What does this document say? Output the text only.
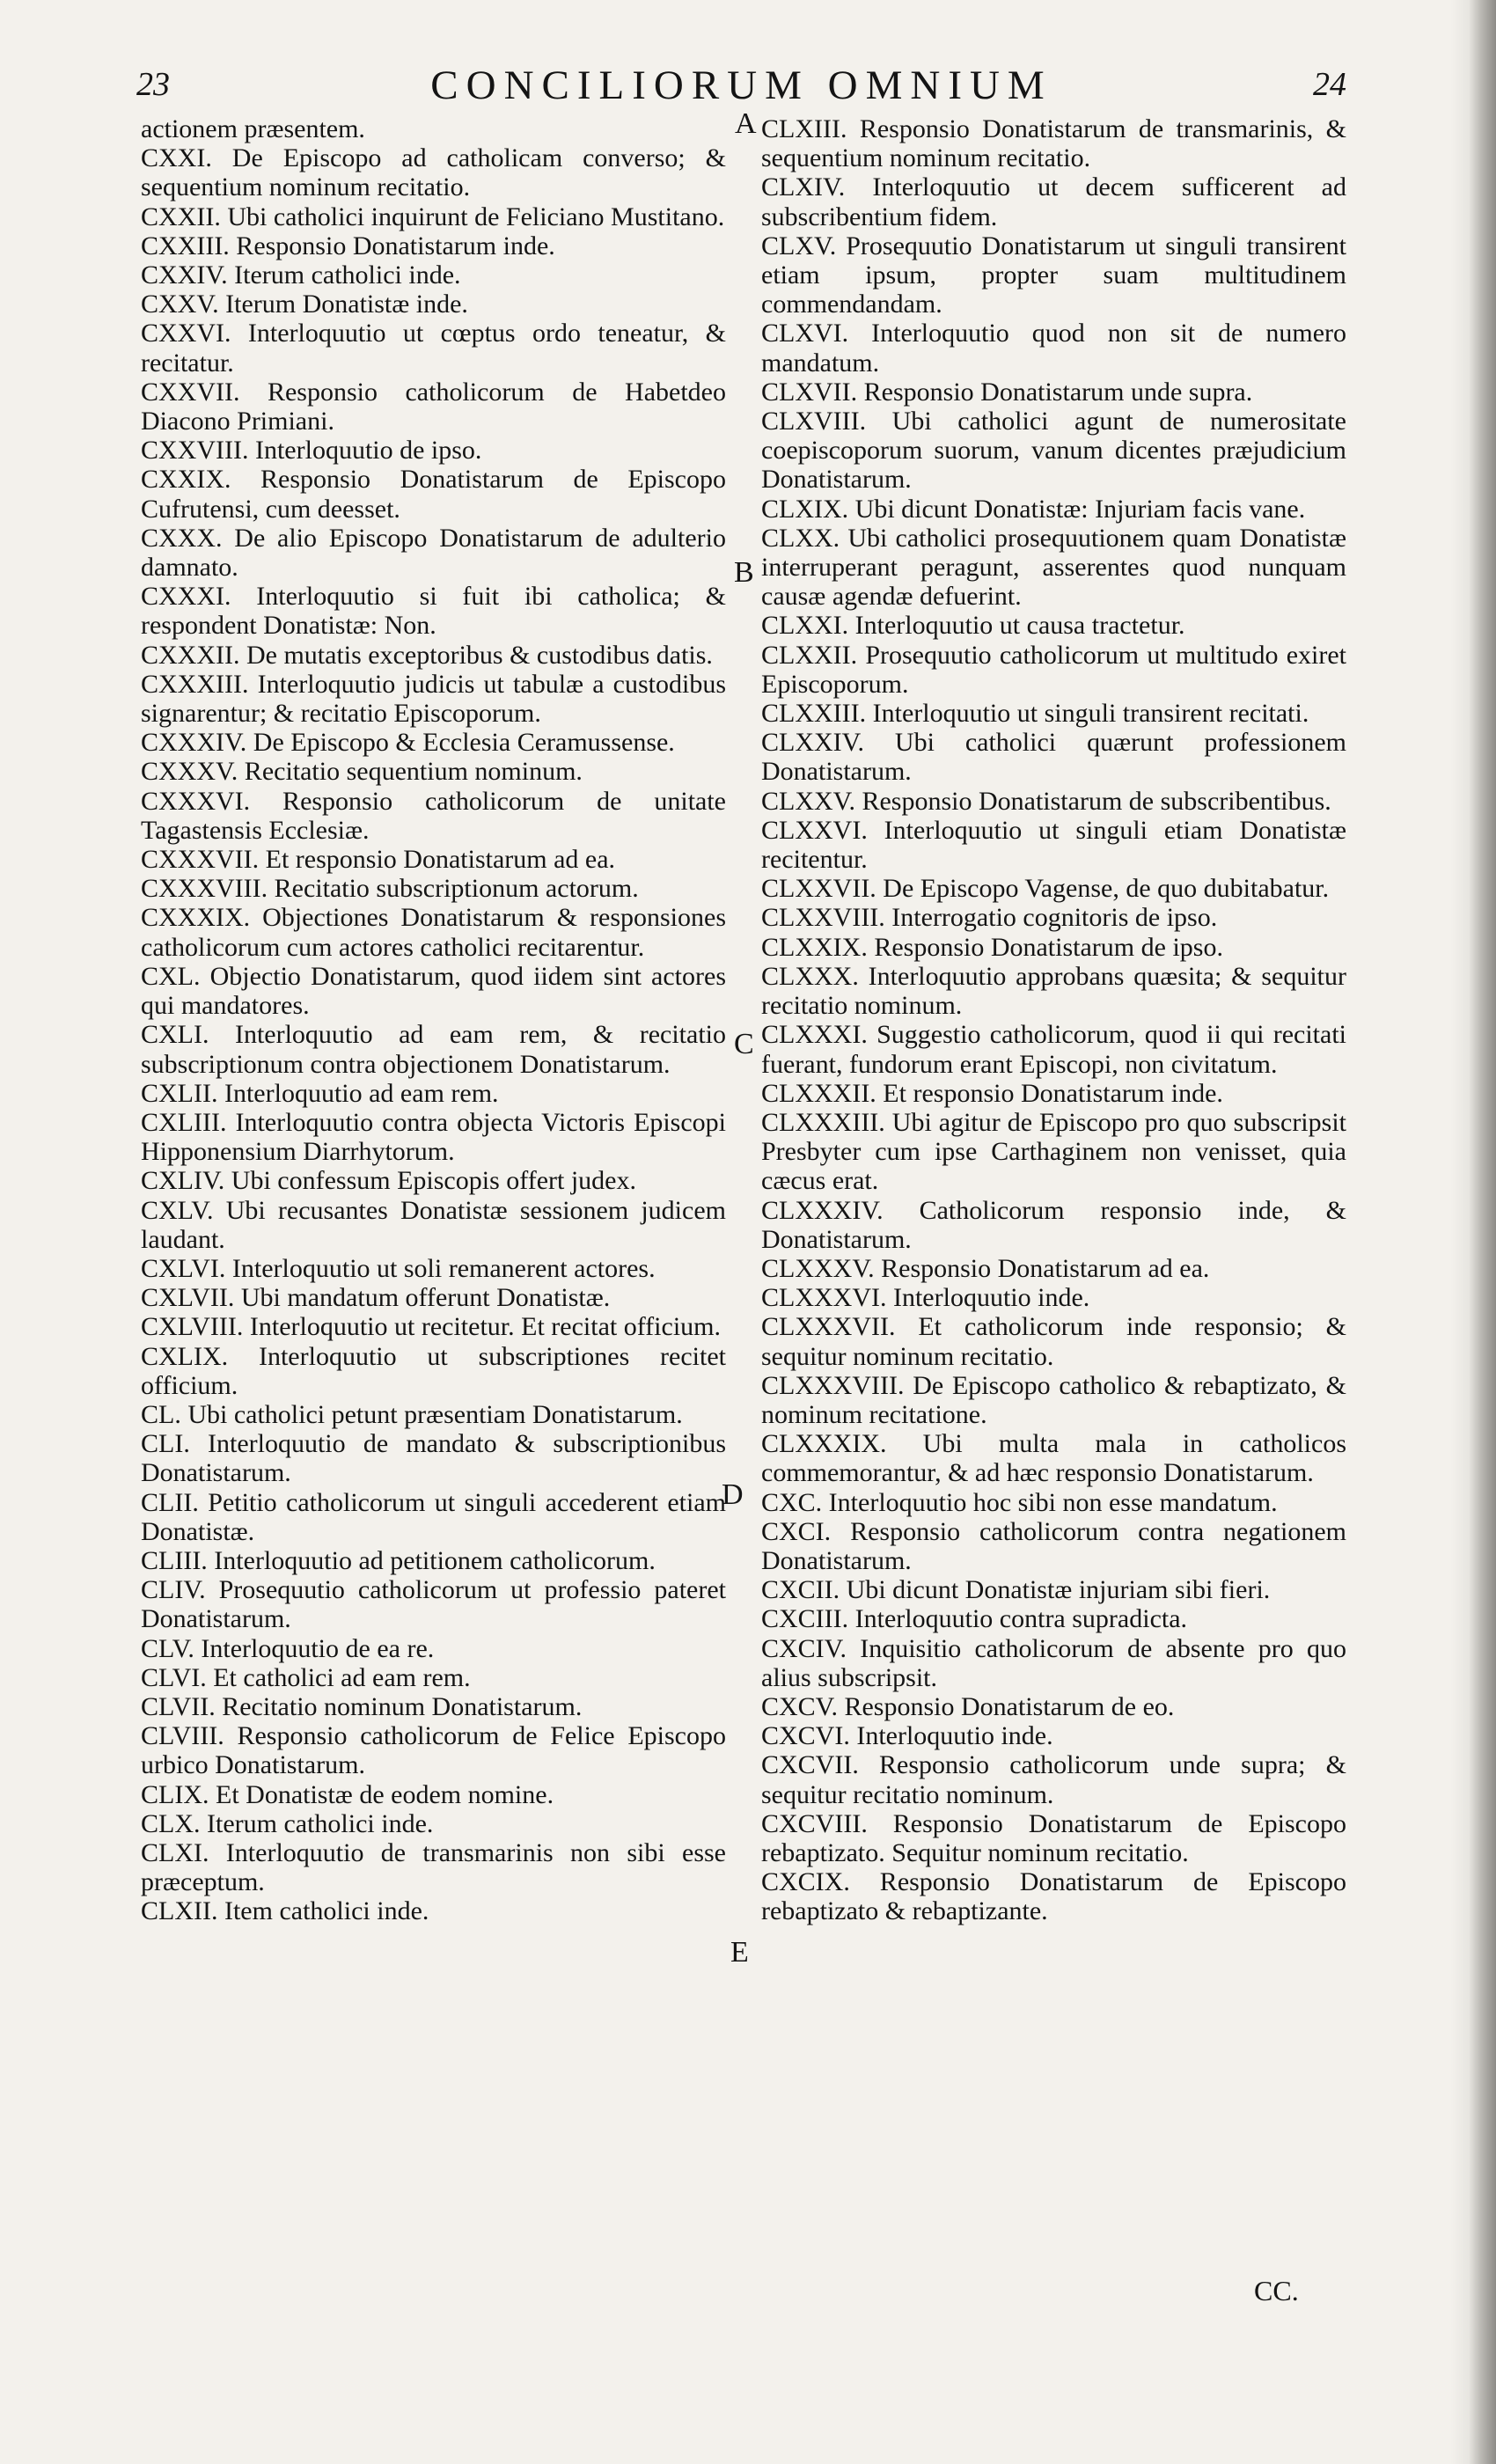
23	CONCILIORUM OMNIUM	24
actionem præsentem.
CXXI. De Episcopo ad catholicam conversо; & sequentium nominum recitatio.
CXXII. Ubi catholici inquirunt de Feliciano Mustitano.
CXXIII. Responsio Donatistarum inde.
CXXIV. Iterum catholici inde.
CXXV. Iterum Donatistæ inde.
CXXVI. Interloquutio ut cœptus ordo teneatur, & recitatur.
CXXVII. Responsio catholicorum de Habetdeo Diacono Primiani.
CXXVIII. Interloquutio de ipso.
CXXIX. Responsio Donatistarum de Episcopo Cufrutensi, cum deesset.
CXXX. De alio Episcopo Donatistarum de adulterio damnato.
CXXXI. Interloquutio si fuit ibi catholica; & respondent Donatistæ: Non.
CXXXII. De mutatis exceptoribus & custodibus datis.
CXXXIII. Interloquutio judicis ut tabulæ a custodibus signarentur; & recitatio Episcoporum.
CXXXIV. De Episcopo & Ecclesia Ceramussense.
CXXXV. Recitatio sequentium nominum.
CXXXVI. Responsio catholicorum de unitate Tagastensis Ecclesiæ.
CXXXVII. Et responsio Donatistarum ad ea.
CXXXVIII. Recitatio subscriptionum actorum.
CXXXIX. Objectiones Donatistarum & responsiones catholicorum cum actores catholici recitarentur.
CXL. Objectio Donatistarum, quod iidem sint actores qui mandatores.
CXLI. Interloquutio ad eam rem, & recitatio subscriptionum contra objectionem Donatistarum.
CXLII. Interloquutio ad eam rem.
CXLIII. Interloquutio contra objecta Victoris Episcopi Hipponensium Diarrhytorum.
CXLIV. Ubi confessum Episcopis offert judex.
CXLV. Ubi recusantes Donatistæ sessionem judicem laudant.
CXLVI. Interloquutio ut soli remanerent actores.
CXLVII. Ubi mandatum offerunt Donatistæ.
CXLVIII. Interloquutio ut recitetur. Et recitat officium.
CXLIX. Interloquutio ut subscriptiones recitet officium.
CL. Ubi catholici petunt præsentiam Donatistarum.
CLI. Interloquutio de mandato & subscriptionibus Donatistarum.
CLII. Petitio catholicorum ut singuli accederent etiam Donatistæ.
CLIII. Interloquutio ad petitionem catholicorum.
CLIV. Prosequutio catholicorum ut professio pateret Donatistarum.
CLV. Interloquutio de ea re.
CLVI. Et catholici ad eam rem.
CLVII. Recitatio nominum Donatistarum.
CLVIII. Responsio catholicorum de Felice Episcopo urbico Donatistarum.
CLIX. Et Donatistæ de eodem nomine.
CLX. Iterum catholici inde.
CLXI. Interloquutio de transmarinis non sibi esse præceptum.
CLXII. Item catholici inde.
CLXIII. Responsio Donatistarum de transmarinis, & sequentium nominum recitatio.
CLXIV. Interloquutio ut decem sufficerent ad subscribentium fidem.
CLXV. Prosequutio Donatistarum ut singuli transirent etiam ipsum, propter suam multitudinem commendandam.
CLXVI. Interloquutio quod non sit de numero mandatum.
CLXVII. Responsio Donatistarum unde supra.
CLXVIII. Ubi catholici agunt de numerositate coepiscoporum suorum, vanum dicentes præjudicium Donatistarum.
CLXIX. Ubi dicunt Donatistæ: Injuriam facis vane.
CLXX. Ubi catholici prosequutionem quam Donatistæ interruperant peragunt, asserentes quod nunquam causæ agendæ defuerint.
CLXXI. Interloquutio ut causa tractetur.
CLXXII. Prosequutio catholicorum ut multitudo exiret Episcoporum.
CLXXIII. Interloquutio ut singuli transirent recitati.
CLXXIV. Ubi catholici quærunt professionem Donatistarum.
CLXXV. Responsio Donatistarum de subscribentibus.
CLXXVI. Interloquutio ut singuli etiam Donatistæ recitentur.
CLXXVII. De Episcopo Vagense, de quo dubitabatur.
CLXXVIII. Interrogatio cognitoris de ipso.
CLXXIX. Responsio Donatistarum de ipso.
CLXXX. Interloquutio approbans quæsita; & sequitur recitatio nominum.
CLXXXI. Suggestio catholicorum, quod ii qui recitati fuerant, fundorum erant Episcopi, non civitatum.
CLXXXII. Et responsio Donatistarum inde.
CLXXXIII. Ubi agitur de Episcopo pro quo subscripsit Presbyter cum ipse Carthaginem non venisset, quia cæcus erat.
CLXXXIV. Catholicorum responsio inde, & Donatistarum.
CLXXXV. Responsio Donatistarum ad ea.
CLXXXVI. Interloquutio inde.
CLXXXVII. Et catholicorum inde responsio; & sequitur nominum recitatio.
CLXXXVIII. De Episcopo catholico & rebaptizato, & nominum recitatione.
CLXXXIX. Ubi multa mala in catholicos commemorantur, & ad hæc responsio Donatistarum.
CXC. Interloquutio hoc sibi non esse mandatum.
CXCI. Responsio catholicorum contra negationem Donatistarum.
CXCII. Ubi dicunt Donatistæ injuriam sibi fieri.
CXCIII. Interloquutio contra supradicta.
CXCIV. Inquisitio catholicorum de absente pro quo alius subscripsit.
CXCV. Responsio Donatistarum de eo.
CXCVI. Interloquutio inde.
CXCVII. Responsio catholicorum unde supra; & sequitur recitatio nominum.
CXCVIII. Responsio Donatistarum de Episcopo rebaptizato. Sequitur nominum recitatio.
CXCIX. Responsio Donatistarum de Episcopo rebaptizato & rebaptizante.
A
B
C
D
E
CC.
